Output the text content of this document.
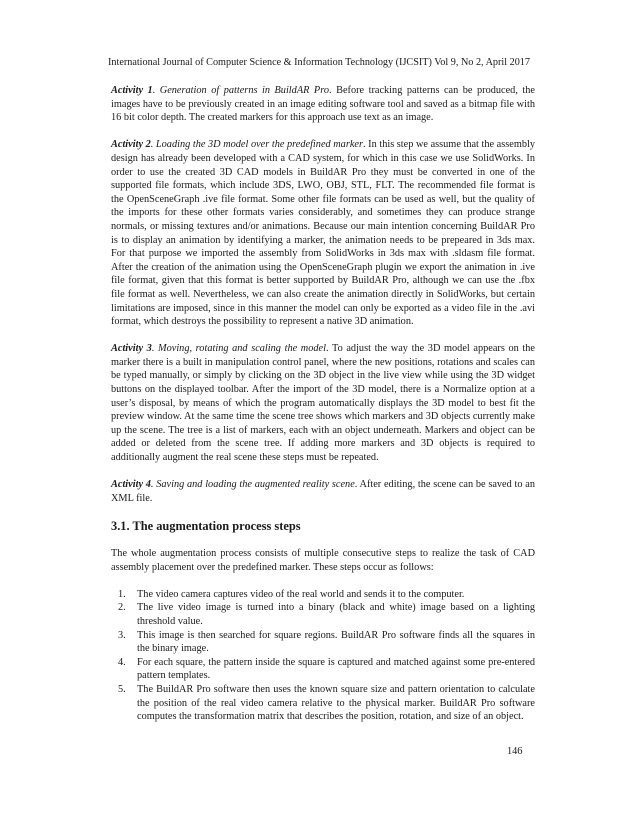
International Journal of Computer Science & Information Technology (IJCSIT) Vol 9, No 2, April 2017

Activity 1. Generation of patterns in BuildAR Pro. Before tracking patterns can be produced, the images have to be previously created in an image editing software tool and saved as a bitmap file with 16 bit color depth. The created markers for this approach use text as an image.

Activity 2. Loading the 3D model over the predefined marker. In this step we assume that the assembly design has already been developed with a CAD system, for which in this case we use SolidWorks. In order to use the created 3D CAD models in BuildAR Pro they must be converted in one of the supported file formats, which include 3DS, LWO, OBJ, STL, FLT. The recommended file format is the OpenSceneGraph .ive file format. Some other file formats can be used as well, but the quality of the imports for these other formats varies considerably, and sometimes they can produce strange normals, or missing textures and/or animations. Because our main intention concerning BuildAR Pro is to display an animation by identifying a marker, the animation needs to be prepeared in 3ds max. For that purpose we imported the assembly from SolidWorks in 3ds max with .sldasm file format. After the creation of the animation using the OpenSceneGraph plugin we export the animation in .ive file format, given that this format is better supported by BuildAR Pro, although we can use the .fbx file format as well. Nevertheless, we can also create the animation directly in SolidWorks, but certain limitations are imposed, since in this manner the model can only be exported as a video file in the .avi format, which destroys the possibility to represent a native 3D animation.

Activity 3. Moving, rotating and scaling the model. To adjust the way the 3D model appears on the marker there is a built in manipulation control panel, where the new positions, rotations and scales can be typed manually, or simply by clicking on the 3D object in the live view while using the 3D widget buttons on the displayed toolbar. After the import of the 3D model, there is a Normalize option at a user’s disposal, by means of which the program automatically displays the 3D model to best fit the preview window. At the same time the scene tree shows which markers and 3D objects currently make up the scene. The tree is a list of markers, each with an object underneath. Markers and object can be added or deleted from the scene tree. If adding more markers and 3D objects is required to additionally augment the real scene these steps must be repeated.

Activity 4. Saving and loading the augmented reality scene. After editing, the scene can be saved to an XML file.

3.1. The augmentation process steps

The whole augmentation process consists of multiple consecutive steps to realize the task of CAD assembly placement over the predefined marker. These steps occur as follows:

1. The video camera captures video of the real world and sends it to the computer.
2. The live video image is turned into a binary (black and white) image based on a lighting threshold value.
3. This image is then searched for square regions. BuildAR Pro software finds all the squares in the binary image.
4. For each square, the pattern inside the square is captured and matched against some pre-entered pattern templates.
5. The BuildAR Pro software then uses the known square size and pattern orientation to calculate the position of the real video camera relative to the physical marker. BuildAR Pro software computes the transformation matrix that describes the position, rotation, and size of an object.
146
